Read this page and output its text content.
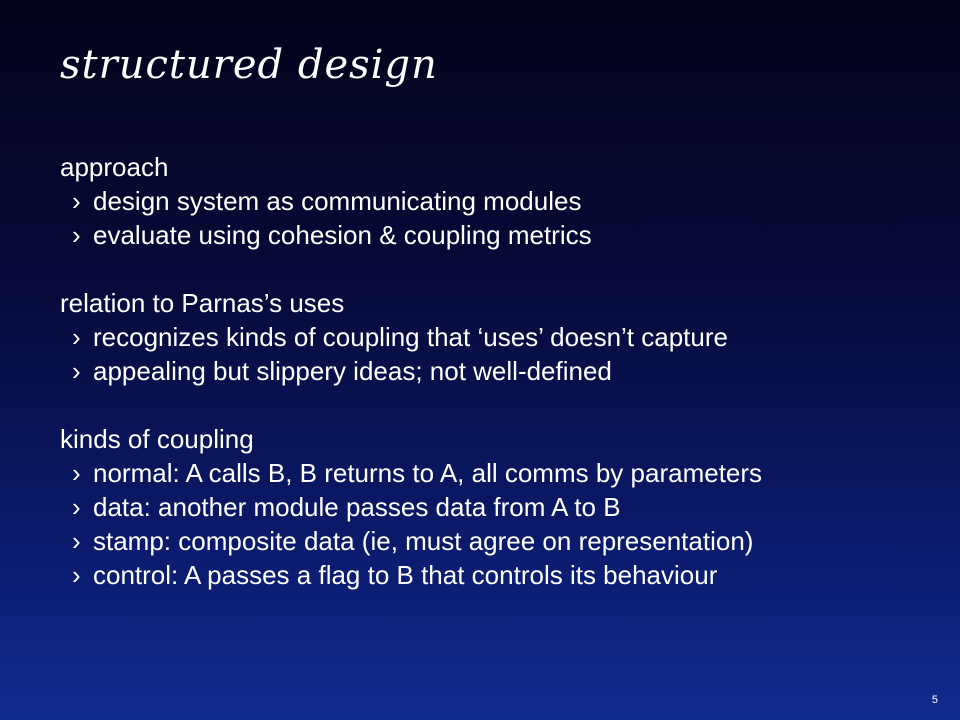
structured design
approach
› design system as communicating modules
› evaluate using cohesion & coupling metrics
relation to Parnas’s uses
› recognizes kinds of coupling that ‘uses’ doesn’t capture
› appealing but slippery ideas; not well-defined
kinds of coupling
› normal: A calls B, B returns to A, all comms by parameters
› data: another module passes data from A to B
› stamp: composite data (ie, must agree on representation)
› control: A passes a flag to B that controls its behaviour
5
